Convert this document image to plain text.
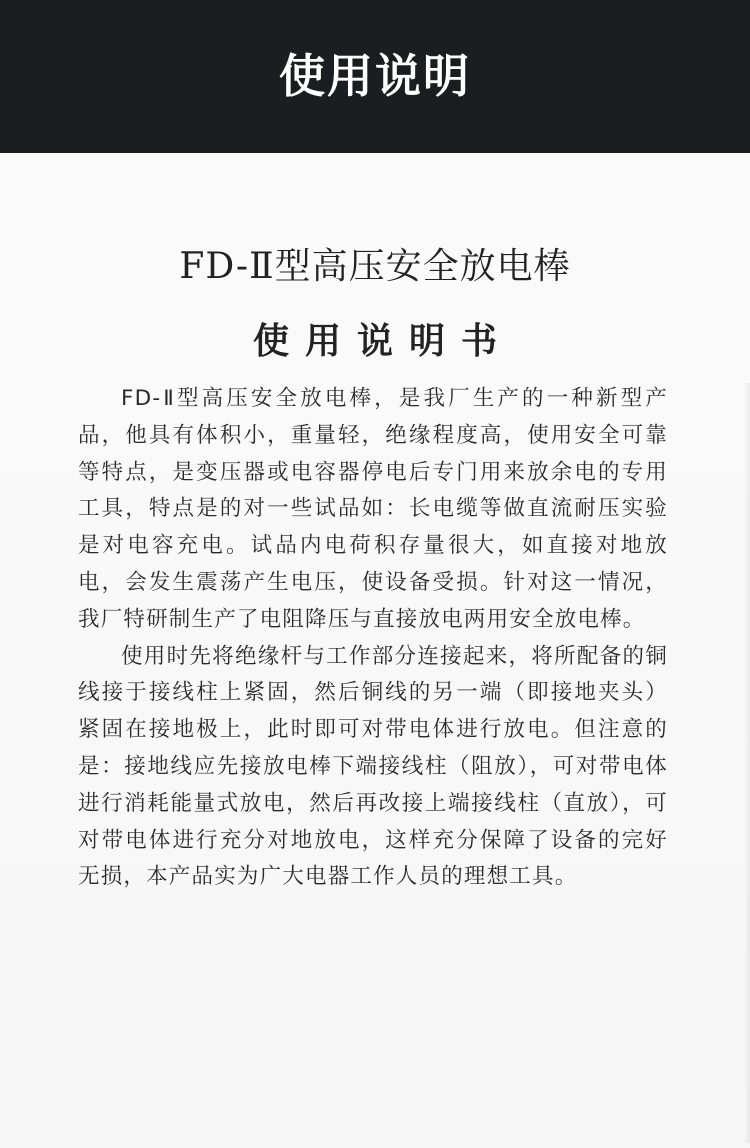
使用说明
FD-Ⅱ型高压安全放电棒
使用说明书

FD-Ⅱ型高压安全放电棒，是我厂生产的一种新型产品，他具有体积小，重量轻，绝缘程度高，使用安全可靠等特点，是变压器或电容器停电后专门用来放余电的专用工具，特点是的对一些试品如：长电缆等做直流耐压实验是对电容充电。试品内电荷积存量很大，如直接对地放电，会发生震荡产生电压，使设备受损。针对这一情况，我厂特研制生产了电阻降压与直接放电两用安全放电棒。

使用时先将绝缘杆与工作部分连接起来，将所配备的铜线接于接线柱上紧固，然后铜线的另一端（即接地夹头）紧固在接地极上，此时即可对带电体进行放电。但注意的是：接地线应先接放电棒下端接线柱（阻放），可对带电体进行消耗能量式放电，然后再改接上端接线柱（直放），可对带电体进行充分对地放电，这样充分保障了设备的完好无损，本产品实为广大电器工作人员的理想工具。
